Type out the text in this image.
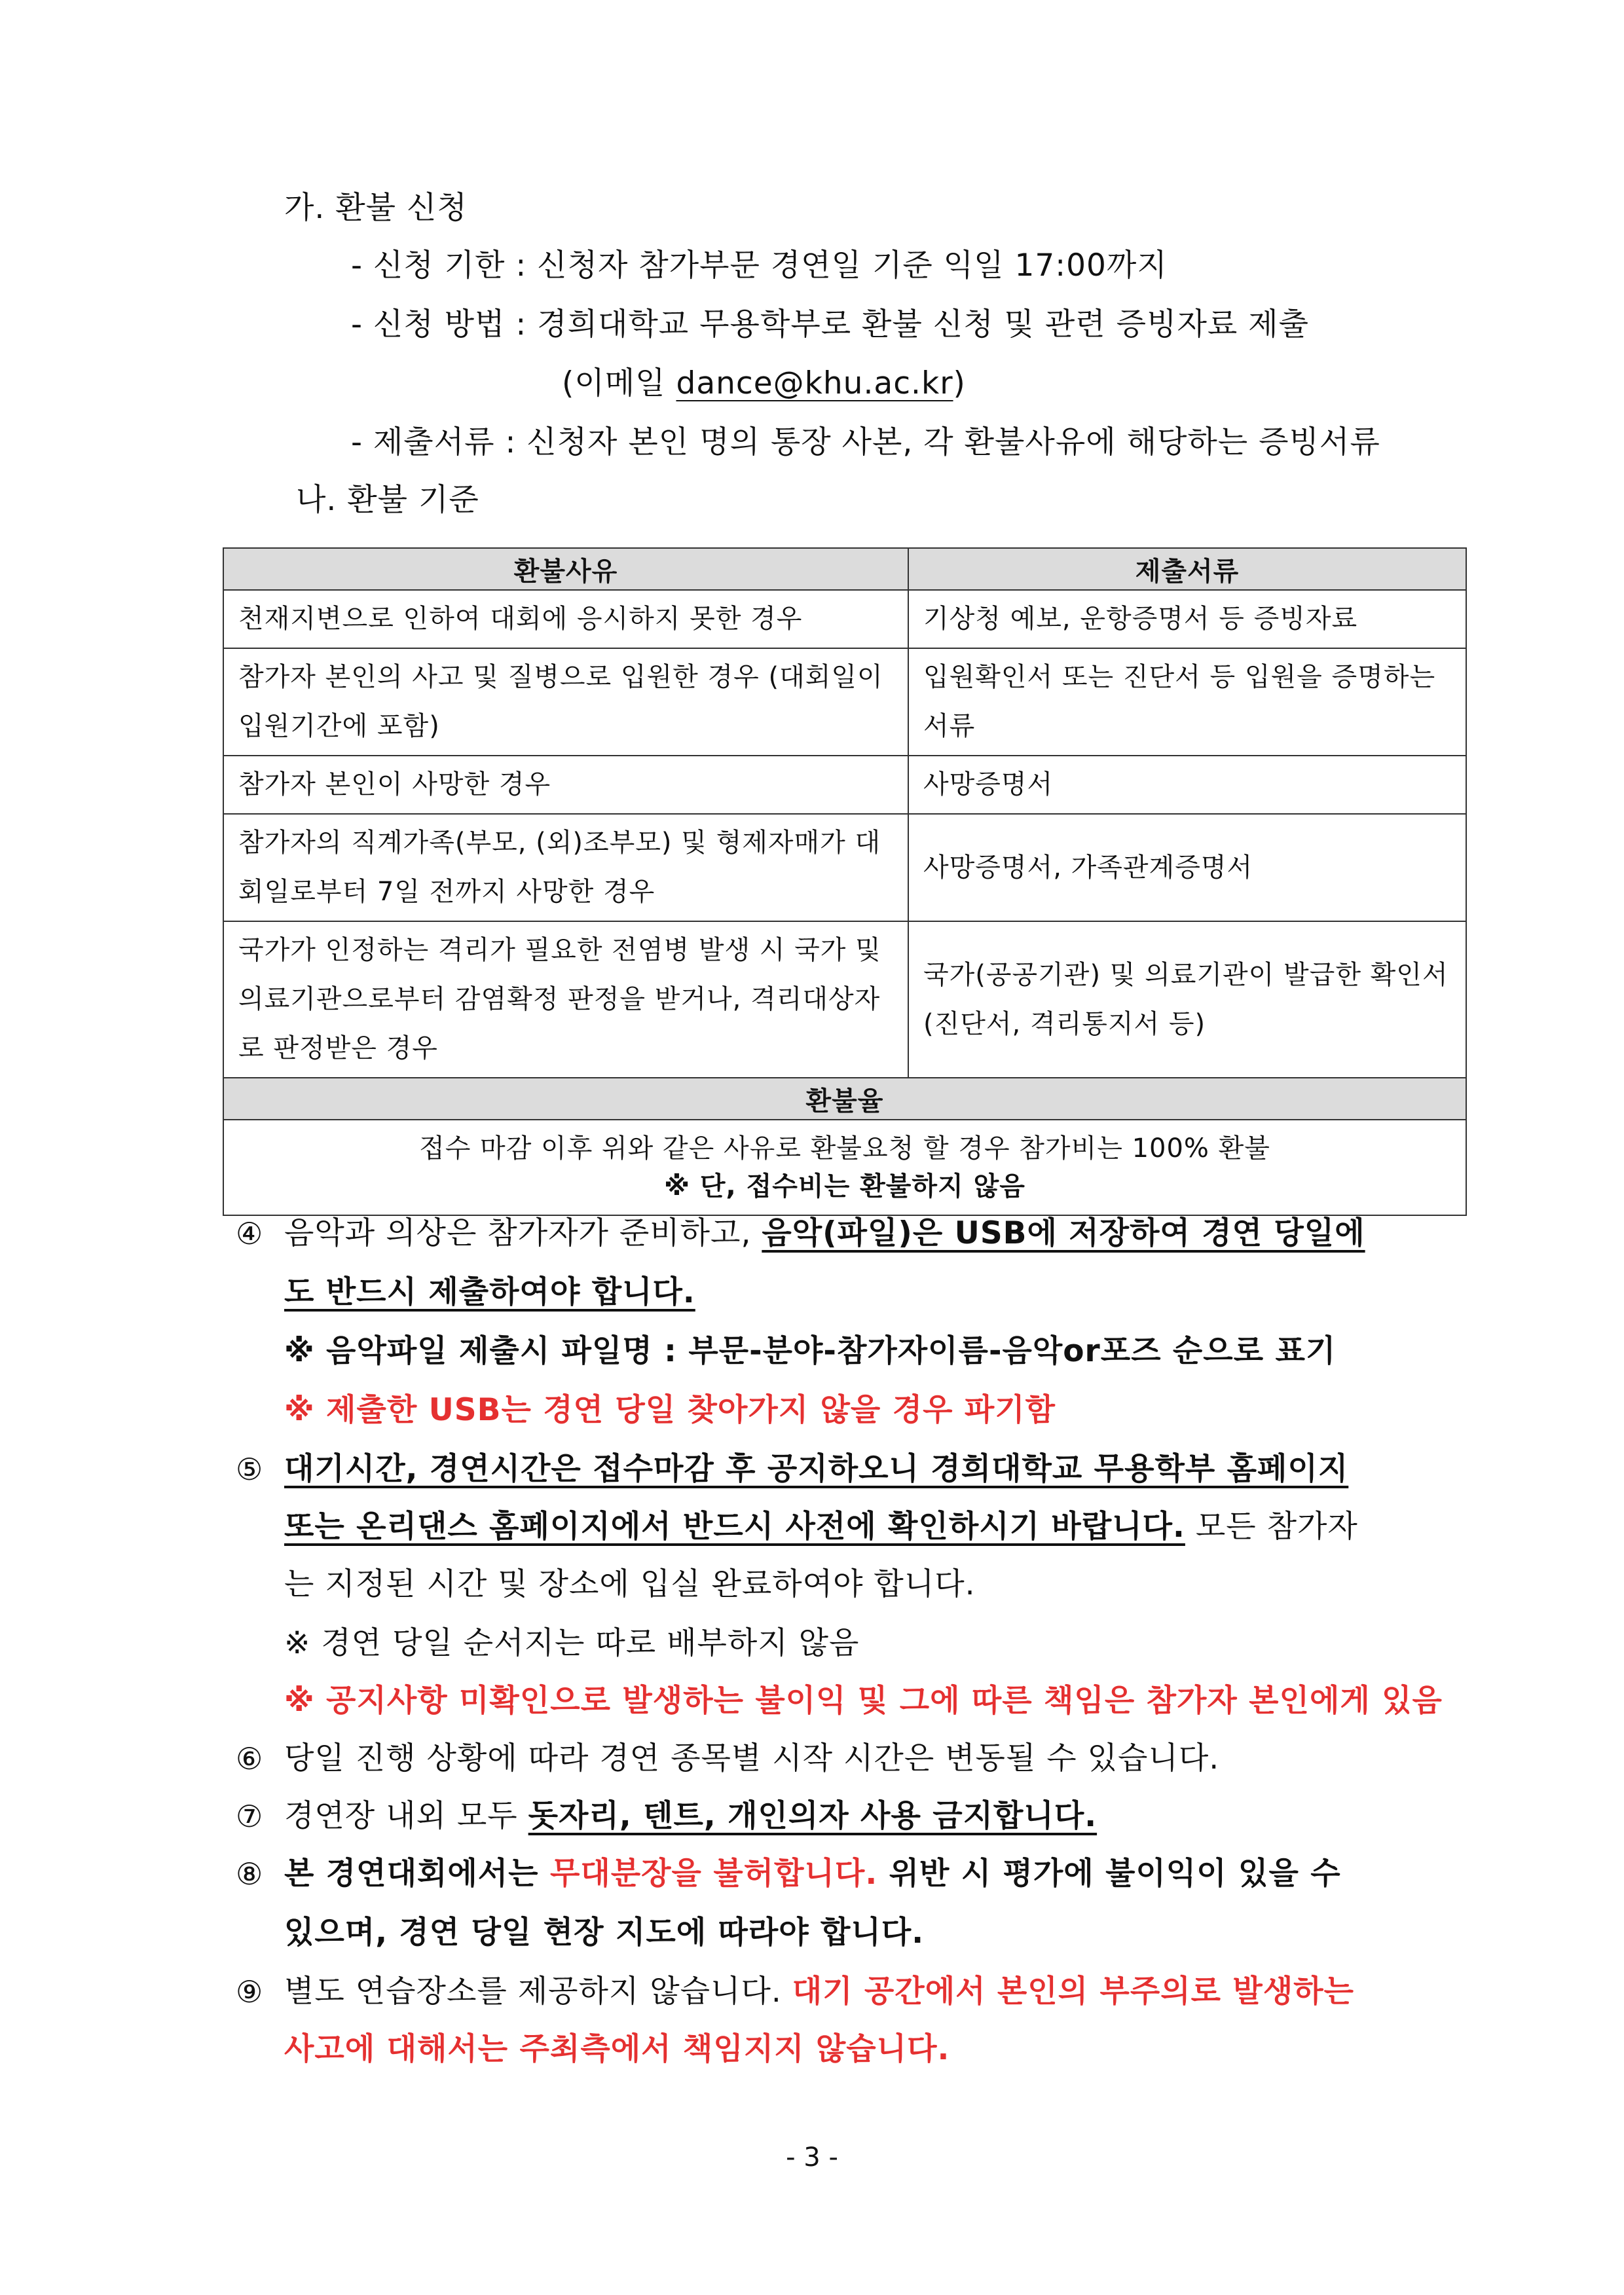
가. 환불 신청
- 신청 기한 : 신청자 참가부문 경연일 기준 익일 17:00까지
- 신청 방법 : 경희대학교 무용학부로 환불 신청 및 관련 증빙자료 제출
(이메일 dance@khu.ac.kr)
- 제출서류 : 신청자 본인 명의 통장 사본, 각 환불사유에 해당하는 증빙서류
나. 환불 기준
환불사유	제출서류
천재지변으로 인하여 대회에 응시하지 못한 경우	기상청 예보, 운항증명서 등 증빙자료
참가자 본인의 사고 및 질병으로 입원한 경우 (대회일이 입원기간에 포함)	입원확인서 또는 진단서 등 입원을 증명하는 서류
참가자 본인이 사망한 경우	사망증명서
참가자의 직계가족(부모, (외)조부모) 및 형제자매가 대회일로부터 7일 전까지 사망한 경우	사망증명서, 가족관계증명서
국가가 인정하는 격리가 필요한 전염병 발생 시 국가 및 의료기관으로부터 감염확정 판정을 받거나, 격리대상자로 판정받은 경우	국가(공공기관) 및 의료기관이 발급한 확인서(진단서, 격리통지서 등)
환불율	

접수 마감 이후 위와 같은 사유로 환불요청 할 경우 참가비는 100% 환불
※ 단, 접수비는 환불하지 않음	
④ 음악과 의상은 참가자가 준비하고, 음악(파일)은 USB에 저장하여 경연 당일에
도 반드시 제출하여야 합니다.
※ 음악파일 제출시 파일명 : 부문-분야-참가자이름-음악or포즈 순으로 표기
※ 제출한 USB는 경연 당일 찾아가지 않을 경우 파기함
⑤ 대기시간, 경연시간은 접수마감 후 공지하오니 경희대학교 무용학부 홈페이지
또는 온리댄스 홈페이지에서 반드시 사전에 확인하시기 바랍니다. 모든 참가자
는 지정된 시간 및 장소에 입실 완료하여야 합니다.
※ 경연 당일 순서지는 따로 배부하지 않음
※ 공지사항 미확인으로 발생하는 불이익 및 그에 따른 책임은 참가자 본인에게 있음
⑥ 당일 진행 상황에 따라 경연 종목별 시작 시간은 변동될 수 있습니다.
⑦ 경연장 내외 모두 돗자리, 텐트, 개인의자 사용 금지합니다.
⑧ 본 경연대회에서는 무대분장을 불허합니다. 위반 시 평가에 불이익이 있을 수
있으며, 경연 당일 현장 지도에 따라야 합니다.
⑨ 별도 연습장소를 제공하지 않습니다. 대기 공간에서 본인의 부주의로 발생하는
사고에 대해서는 주최측에서 책임지지 않습니다.
- 3 -
